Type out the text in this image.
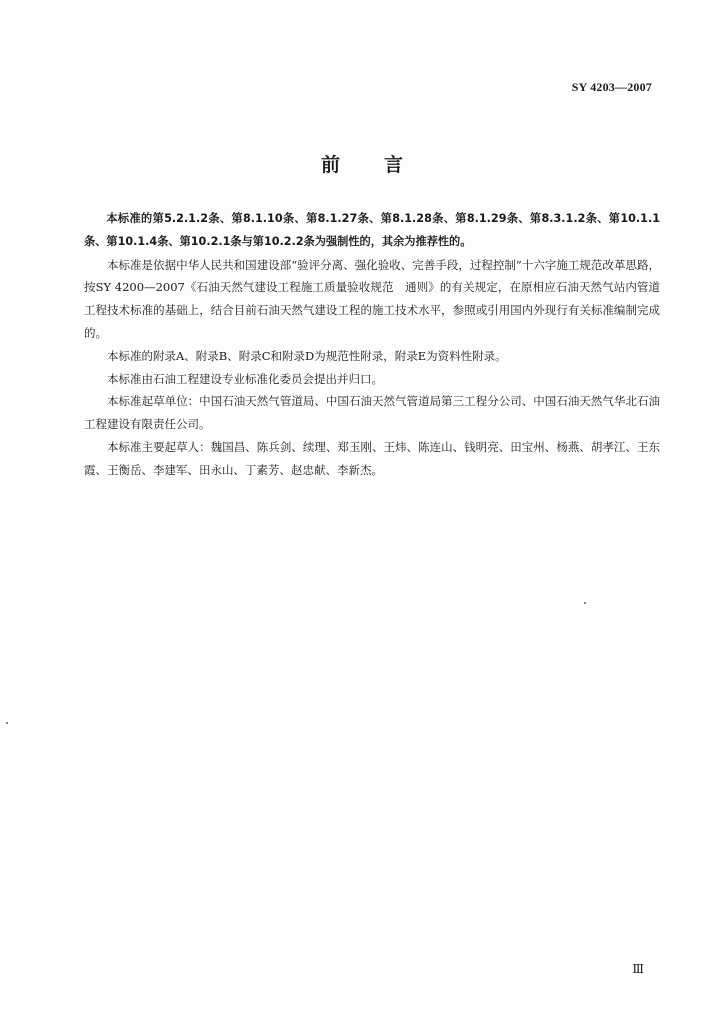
SY 4203—2007
前 言

本标准的第5.2.1.2条、第8.1.10条、第8.1.27条、第8.1.28条、第8.1.29条、第8.3.1.2条、第10.1.1条、第10.1.4条、第10.2.1条与第10.2.2条为强制性的，其余为推荐性的。

本标准是依据中华人民共和国建设部“验评分离、强化验收、完善手段，过程控制”十六字施工规范改革思路，按SY 4200—2007《石油天然气建设工程施工质量验收规范　通则》的有关规定，在原相应石油天然气站内管道工程技术标准的基础上，结合目前石油天然气建设工程的施工技术水平，参照或引用国内外现行有关标准编制完成的。

本标准的附录A、附录B、附录C和附录D为规范性附录，附录E为资料性附录。

本标准由石油工程建设专业标准化委员会提出并归口。

本标准起草单位：中国石油天然气管道局、中国石油天然气管道局第三工程分公司、中国石油天然气华北石油工程建设有限责任公司。

本标准主要起草人：魏国昌、陈兵剑、续理、郑玉刚、王炜、陈连山、钱明亮、田宝州、杨燕、胡孝江、王东霞、王衡岳、李建军、田永山、丁素芳、赵忠献、李新杰。

Ⅲ
